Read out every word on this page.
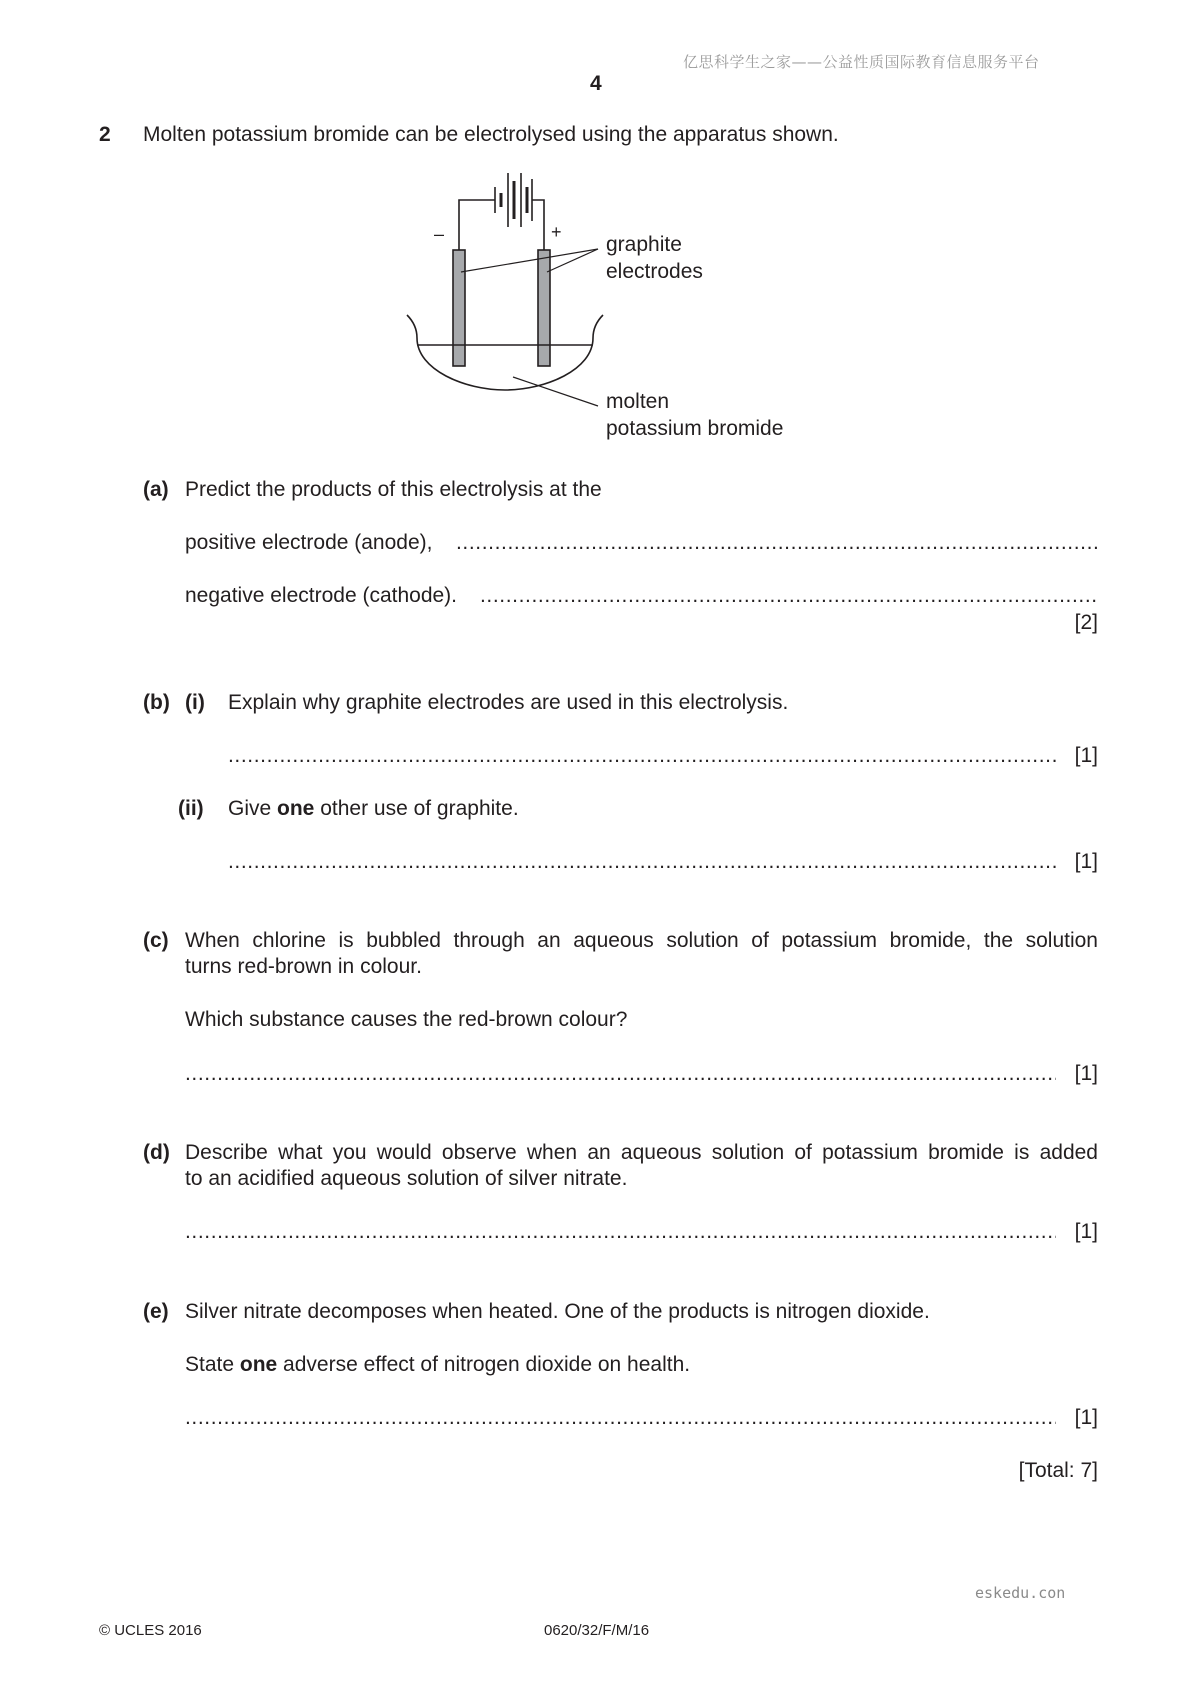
亿思科学生之家——公益性质国际教育信息服务平台
4
2 Molten potassium bromide can be electrolysed using the apparatus shown.
–	+
graphite
electrodes
molten
potassium bromide
(a) Predict the products of this electrolysis at the
positive electrode (anode),
.....
negative electrode (cathode).
.....
[2]
(b) (i) Explain why graphite electrodes are used in this electrolysis.
.....
[1]
(ii) Give one other use of graphite.
.....
[1]
(c) When chlorine is bubbled through an aqueous solution of potassium bromide, the solution
turns red-brown in colour.
Which substance causes the red-brown colour?
.....
[1]
(d) Describe what you would observe when an aqueous solution of potassium bromide is added
to an acidified aqueous solution of silver nitrate.
.....
[1]
(e) Silver nitrate decomposes when heated. One of the products is nitrogen dioxide.
State one adverse effect of nitrogen dioxide on health.
.....
[1]
[Total: 7]
eskedu.con
© UCLES 2016	0620/32/F/M/16
